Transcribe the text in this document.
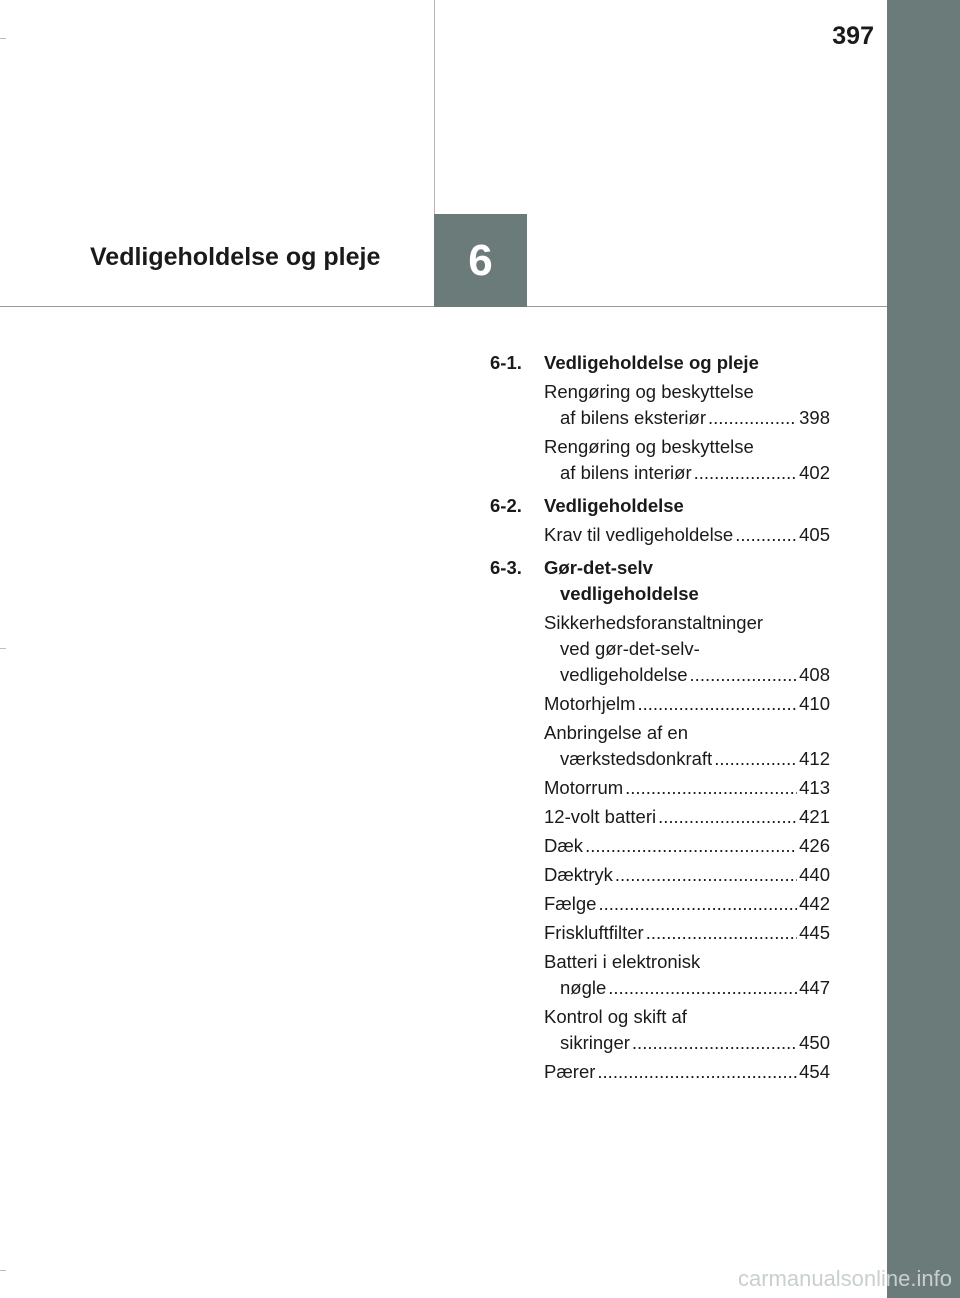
397
Vedligeholdelse og pleje	6
6-1.	Vedligeholdelse og pleje
Rengøring og beskyttelse
af bilens eksteriør .....	398
Rengøring og beskyttelse
af bilens interiør .....	402
6-2.	Vedligeholdelse
Krav til vedligeholdelse .....	405
6-3.	Gør-det-selv
vedligeholdelse
Sikkerhedsforanstaltninger
ved gør-det-selv-
vedligeholdelse .....	408
Motorhjelm .....	410
Anbringelse af en
værkstedsdonkraft .....	412
Motorrum .....	413
12-volt batteri .....	421
Dæk .....	426
Dæktryk .....	440
Fælge .....	442
Friskluftfilter .....	445
Batteri i elektronisk
nøgle .....	447
Kontrol og skift af
sikringer .....	450
Pærer .....	454
carmanualsonline.info
